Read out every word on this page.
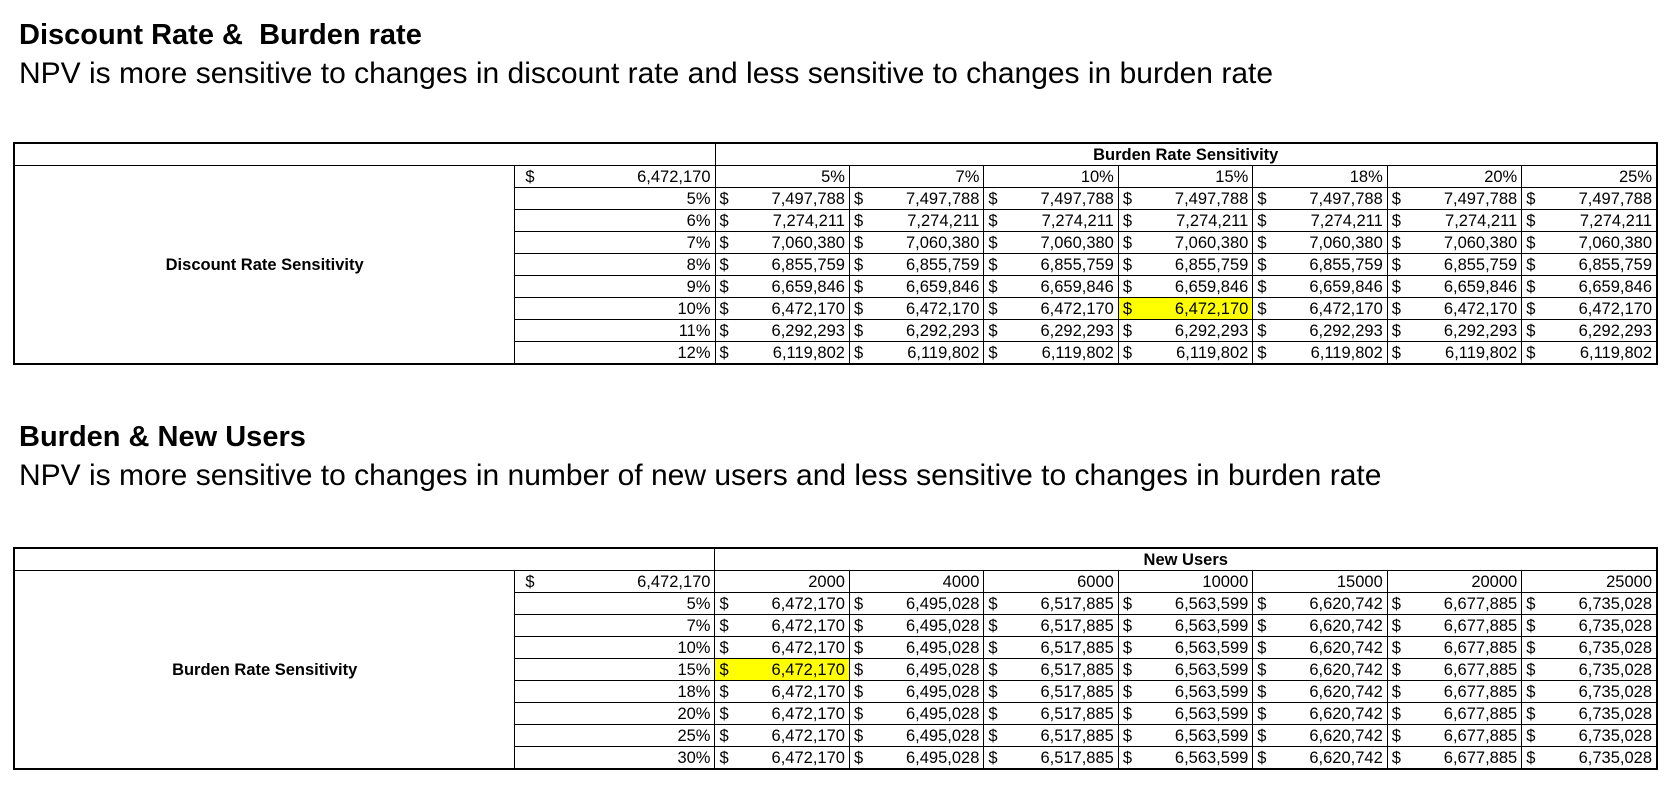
Discount Rate &  Burden rate

NPV is more sensitive to changes in discount rate and less sensitive to changes in burden rate

		Burden Rate Sensitivity													
Discount Rate Sensitivity	$ 6,472,170	5%		7%		10%		15%		18%		20%		25%	
	5%	$	7,497,788	$	7,497,788	$	7,497,788	$	7,497,788	$	7,497,788	$	7,497,788	$	7,497,788
	6%	$	7,274,211	$	7,274,211	$	7,274,211	$	7,274,211	$	7,274,211	$	7,274,211	$	7,274,211
	7%	$	7,060,380	$	7,060,380	$	7,060,380	$	7,060,380	$	7,060,380	$	7,060,380	$	7,060,380
	8%	$	6,855,759	$	6,855,759	$	6,855,759	$	6,855,759	$	6,855,759	$	6,855,759	$	6,855,759
	9%	$	6,659,846	$	6,659,846	$	6,659,846	$	6,659,846	$	6,659,846	$	6,659,846	$	6,659,846
	10%	$	6,472,170	$	6,472,170	$	6,472,170	$	6,472,170	$	6,472,170	$	6,472,170	$	6,472,170
	11%	$	6,292,293	$	6,292,293	$	6,292,293	$	6,292,293	$	6,292,293	$	6,292,293	$	6,292,293
	12%	$	6,119,802	$	6,119,802	$	6,119,802	$	6,119,802	$	6,119,802	$	6,119,802	$	6,119,802
Burden & New Users

NPV is more sensitive to changes in number of new users and less sensitive to changes in burden rate

		New Users													
Burden Rate Sensitivity	$ 6,472,170	2000		4000		6000		10000		15000		20000		25000	
	5%	$	6,472,170	$	6,495,028	$	6,517,885	$	6,563,599	$	6,620,742	$	6,677,885	$	6,735,028
	7%	$	6,472,170	$	6,495,028	$	6,517,885	$	6,563,599	$	6,620,742	$	6,677,885	$	6,735,028
	10%	$	6,472,170	$	6,495,028	$	6,517,885	$	6,563,599	$	6,620,742	$	6,677,885	$	6,735,028
	15%	$	6,472,170	$	6,495,028	$	6,517,885	$	6,563,599	$	6,620,742	$	6,677,885	$	6,735,028
	18%	$	6,472,170	$	6,495,028	$	6,517,885	$	6,563,599	$	6,620,742	$	6,677,885	$	6,735,028
	20%	$	6,472,170	$	6,495,028	$	6,517,885	$	6,563,599	$	6,620,742	$	6,677,885	$	6,735,028
	25%	$	6,472,170	$	6,495,028	$	6,517,885	$	6,563,599	$	6,620,742	$	6,677,885	$	6,735,028
	30%	$	6,472,170	$	6,495,028	$	6,517,885	$	6,563,599	$	6,620,742	$	6,677,885	$	6,735,028
